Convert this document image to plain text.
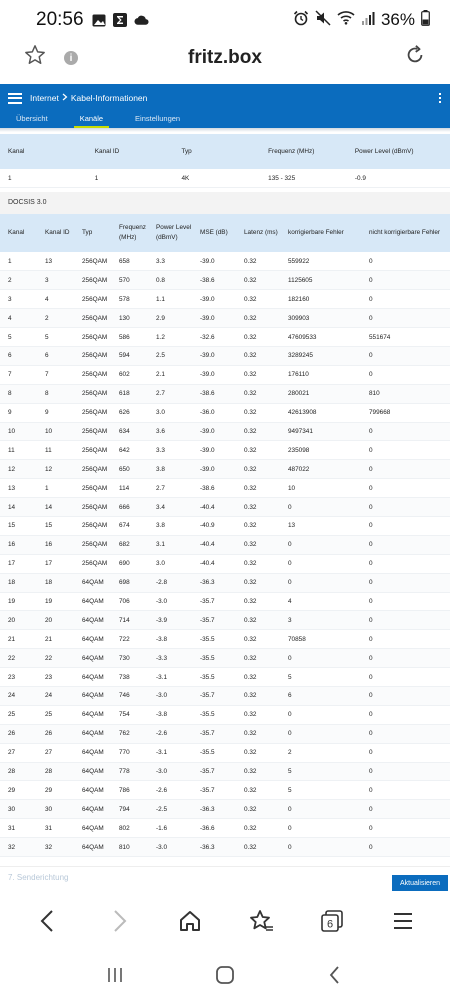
20:56	36%
i	fritz.box
Internet Kabel-Informationen
Übersicht	Kanäle	Einstellungen
Kanal	Kanal ID	Typ	Frequenz (MHz)	Power Level (dBmV)
1	1	4K	135 - 325	-0.9
DOCSIS 3.0
Kanal	Kanal ID	Typ	Frequenz (MHz)	Power Level (dBmV)	MSE (dB)	Latenz (ms)	korrigierbare Fehler	nicht korrigierbare Fehler
1	13	256QAM	658	3.3	-39.0	0.32	559922	0
2	3	256QAM	570	0.8	-38.6	0.32	1125605	0
3	4	256QAM	578	1.1	-39.0	0.32	182160	0
4	2	256QAM	130	2.9	-39.0	0.32	309903	0
5	5	256QAM	586	1.2	-32.6	0.32	47609533	551674
6	6	256QAM	594	2.5	-39.0	0.32	3289245	0
7	7	256QAM	602	2.1	-39.0	0.32	176110	0
8	8	256QAM	618	2.7	-38.6	0.32	280021	810
9	9	256QAM	626	3.0	-36.0	0.32	42613908	799668
10	10	256QAM	634	3.6	-39.0	0.32	9497341	0
11	11	256QAM	642	3.3	-39.0	0.32	235098	0
12	12	256QAM	650	3.8	-39.0	0.32	487022	0
13	1	256QAM	114	2.7	-38.6	0.32	10	0
14	14	256QAM	666	3.4	-40.4	0.32	0	0
15	15	256QAM	674	3.8	-40.9	0.32	13	0
16	16	256QAM	682	3.1	-40.4	0.32	0	0
17	17	256QAM	690	3.0	-40.4	0.32	0	0
18	18	64QAM	698	-2.8	-36.3	0.32	0	0
19	19	64QAM	706	-3.0	-35.7	0.32	4	0
20	20	64QAM	714	-3.9	-35.7	0.32	3	0
21	21	64QAM	722	-3.8	-35.5	0.32	70858	0
22	22	64QAM	730	-3.3	-35.5	0.32	0	0
23	23	64QAM	738	-3.1	-35.5	0.32	5	0
24	24	64QAM	746	-3.0	-35.7	0.32	6	0
25	25	64QAM	754	-3.8	-35.5	0.32	0	0
26	26	64QAM	762	-2.6	-35.7	0.32	0	0
27	27	64QAM	770	-3.1	-35.5	0.32	2	0
28	28	64QAM	778	-3.0	-35.7	0.32	5	0
29	29	64QAM	786	-2.6	-35.7	0.32	5	0
30	30	64QAM	794	-2.5	-36.3	0.32	0	0
31	31	64QAM	802	-1.6	-36.6	0.32	0	0
32	32	64QAM	810	-3.0	-36.3	0.32	0	0
7. Senderichtung
Aktualisieren
6
